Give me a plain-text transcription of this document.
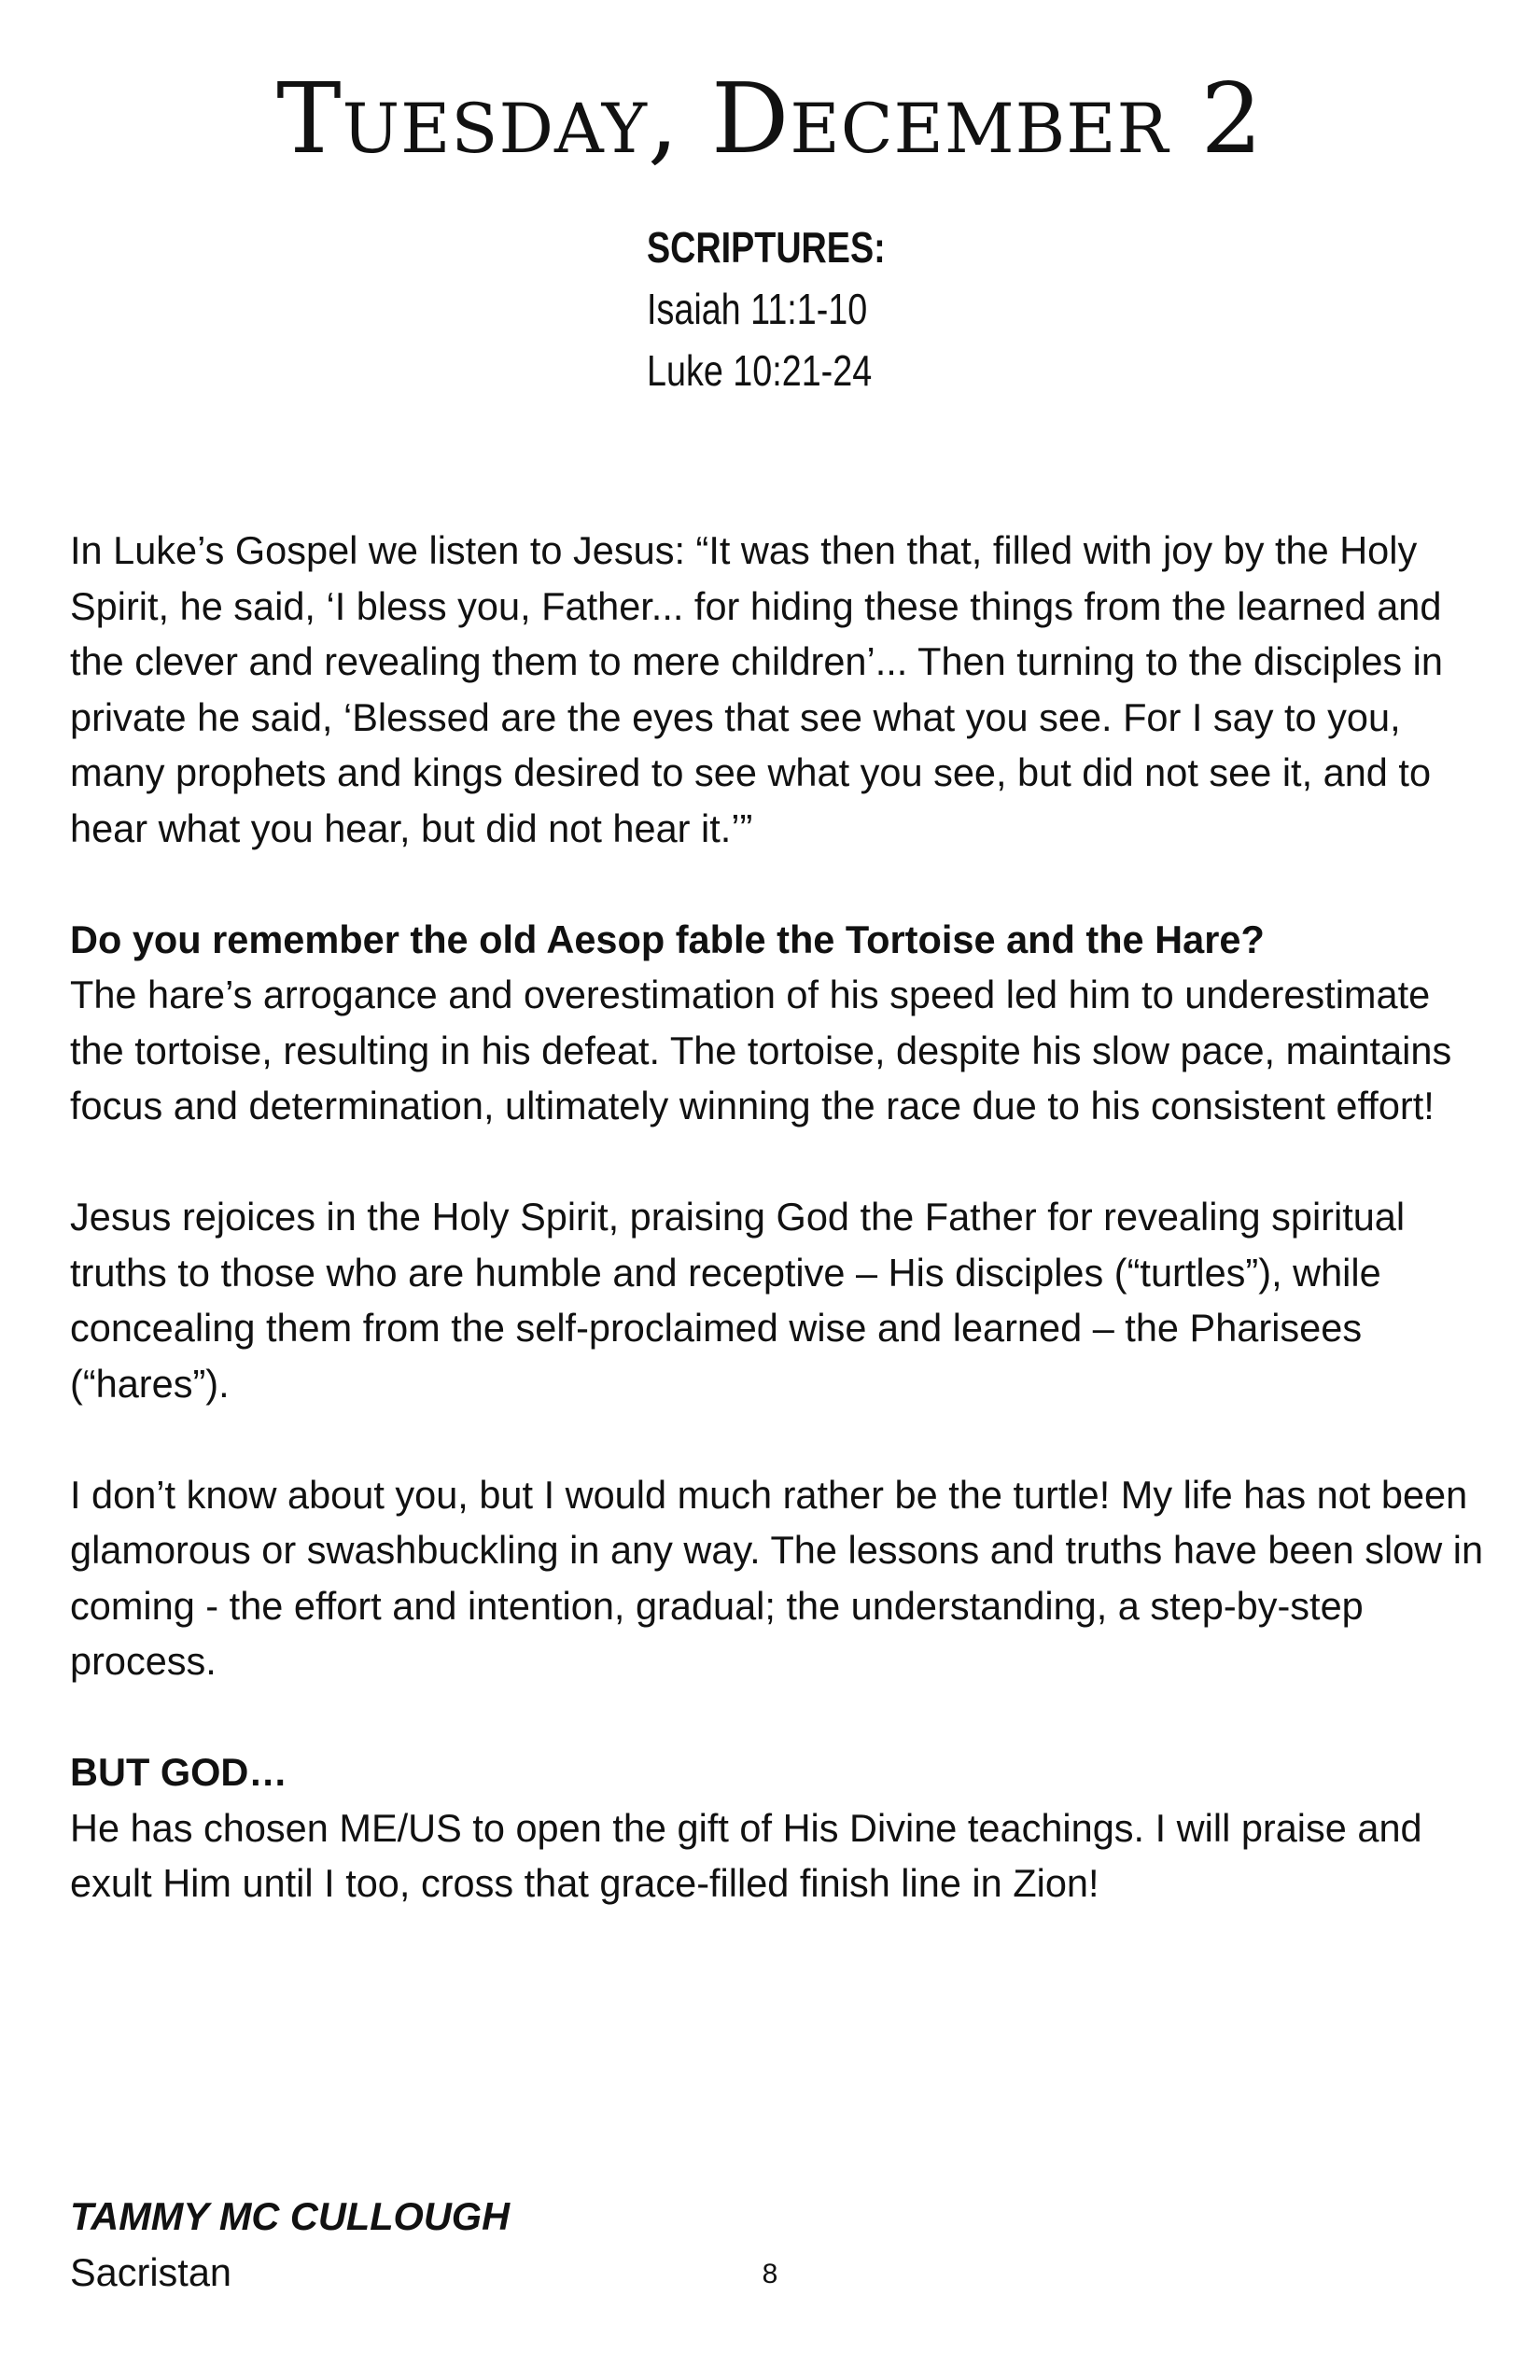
Tuesday, December 2
SCRIPTURES:
Isaiah 11:1-10
Luke 10:21-24

In Luke’s Gospel we listen to Jesus: “It was then that, filled with joy by the Holy Spirit, he said, ‘I bless you, Father... for hiding these things from the learned and the clever and revealing them to mere children’... Then turning to the disciples in private he said, ‘Blessed are the eyes that see what you see. For I say to you, many prophets and kings desired to see what you see, but did not see it, and to hear what you hear, but did not hear it.’”

Do you remember the old Aesop fable the Tortoise and the Hare?
The hare’s arrogance and overestimation of his speed led him to underestimate the tortoise, resulting in his defeat. The tortoise, despite his slow pace, maintains focus and determination, ultimately winning the race due to his consistent effort!

Jesus rejoices in the Holy Spirit, praising God the Father for revealing spiritual truths to those who are humble and receptive – His disciples (“turtles”), while concealing them from the self-proclaimed wise and learned – the Pharisees (“hares”).

I don’t know about you, but I would much rather be the turtle! My life has not been glamorous or swashbuckling in any way. The lessons and truths have been slow in coming - the effort and intention, gradual; the understanding, a step-by-step process.

BUT GOD…
He has chosen ME/US to open the gift of His Divine teachings. I will praise and exult Him until I too, cross that grace-filled finish line in Zion!

TAMMY MC CULLOUGH
Sacristan	8
